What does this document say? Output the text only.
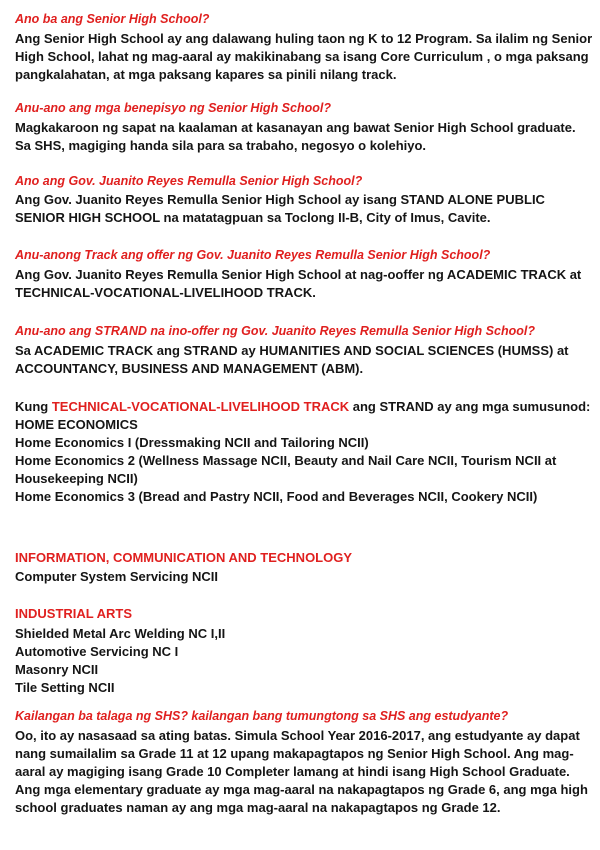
Ano ba ang Senior High School?

Ang Senior High School ay ang dalawang huling taon ng K to 12 Program. Sa ilalim ng Senior High School, lahat ng mag-aaral ay makikinabang sa isang Core Curriculum , o mga paksang pangkalahatan, at mga paksang kapares sa pinili nilang track.

Anu-ano ang mga benepisyo ng Senior High School?

Magkakaroon ng sapat na kaalaman at kasanayan ang bawat Senior High School graduate. Sa SHS, magiging handa sila para sa trabaho, negosyo o kolehiyo.

Ano ang Gov. Juanito Reyes Remulla Senior High School?

Ang Gov. Juanito Reyes Remulla Senior High School ay isang STAND ALONE PUBLIC SENIOR HIGH SCHOOL na matatagpuan sa Toclong II-B, City of Imus, Cavite.

Anu-anong Track ang offer ng Gov. Juanito Reyes Remulla Senior High School?

Ang Gov. Juanito Reyes Remulla Senior High School at nag-ooffer ng ACADEMIC TRACK at TECHNICAL-VOCATIONAL-LIVELIHOOD TRACK.

Anu-ano ang STRAND na ino-offer ng Gov. Juanito Reyes Remulla Senior High School?

Sa ACADEMIC TRACK ang STRAND ay HUMANITIES AND SOCIAL SCIENCES (HUMSS) at ACCOUNTANCY, BUSINESS AND MANAGEMENT (ABM).

Kung TECHNICAL-VOCATIONAL-LIVELIHOOD TRACK ang STRAND ay ang mga sumusunod:
HOME ECONOMICS
Home Economics I (Dressmaking NCII and Tailoring NCII)
Home Economics 2 (Wellness Massage NCII, Beauty and Nail Care NCII, Tourism NCII at Housekeeping NCII)
Home Economics 3 (Bread and Pastry NCII, Food and Beverages NCII, Cookery NCII)

INFORMATION, COMMUNICATION AND TECHNOLOGY

Computer System Servicing NCII

INDUSTRIAL ARTS

Shielded Metal Arc Welding NC I,II
Automotive Servicing NC I
Masonry NCII
Tile Setting NCII

Kailangan ba talaga ng SHS? kailangan bang tumungtong sa SHS ang estudyante?

Oo, ito ay nasasaad sa ating batas. Simula School Year 2016-2017, ang estudyante ay dapat nang sumailalim sa Grade 11 at 12 upang makapagtapos ng Senior High School. Ang mag-aaral ay magiging isang Grade 10 Completer lamang at hindi isang High School Graduate. Ang mga elementary graduate ay mga mag-aaral na nakapagtapos ng Grade 6, ang mga high school graduates naman ay ang mga mag-aaral na nakapagtapos ng Grade 12.
